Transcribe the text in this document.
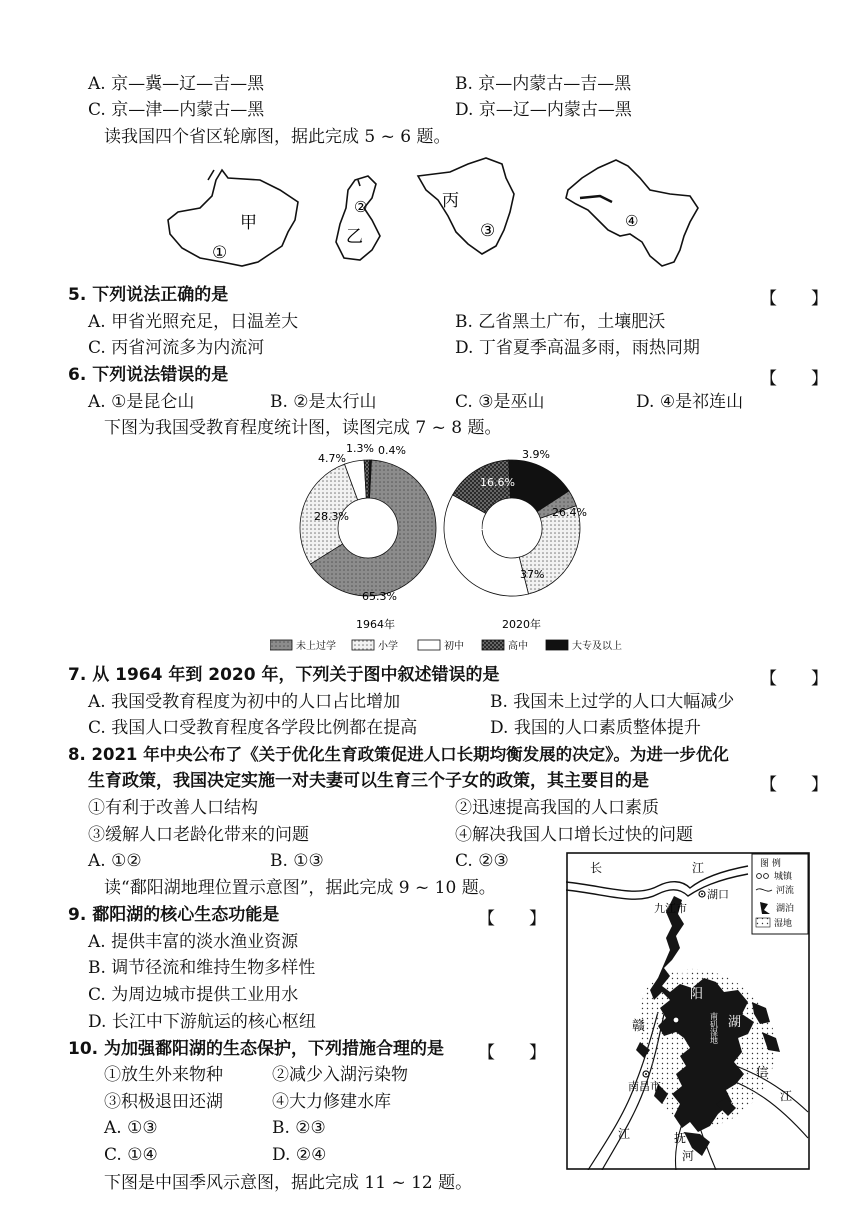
A. 京—冀—辽—吉—黑	B. 京—内蒙古—吉—黑
C. 京—津—内蒙古—黑	D. 京—辽—内蒙古—黑
读我国四个省区轮廓图，据此完成 5 ~ 6 题。
甲
①
②
乙
丙
③	④
5. 下列说法正确的是	【　　】
A. 甲省光照充足，日温差大	B. 乙省黑土广布，土壤肥沃
C. 丙省河流多为内流河	D. 丁省夏季高温多雨，雨热同期
6. 下列说法错误的是	【　　】
A. ①是昆仑山	B. ②是太行山	C. ③是巫山	D. ④是祁连山
下图为我国受教育程度统计图，读图完成 7 ~ 8 题。
65.3%
28.3%
4.7%
1.3% 0.4%
16.6%
3.9%
26.4%
37%
16.1%
1964年	2020年
未上过学	小学	初中	高中	大专及以上
7. 从 1964 年到 2020 年，下列关于图中叙述错误的是	【　　】
A. 我国受教育程度为初中的人口占比增加	B. 我国未上过学的人口大幅减少
C. 我国人口受教育程度各学段比例都在提高	D. 我国的人口素质整体提升
8. 2021 年中央公布了《关于优化生育政策促进人口长期均衡发展的决定》。为进一步优化
生育政策，我国决定实施一对夫妻可以生育三个子女的政策，其主要目的是	【　　】
①有利于改善人口结构	②迅速提高我国的人口素质
③缓解人口老龄化带来的问题	④解决我国人口增长过快的问题
A. ①②	B. ①③	C. ②③
读“鄱阳湖地理位置示意图”，据此完成 9 ~ 10 题。
9. 鄱阳湖的核心生态功能是	【　　】
A. 提供丰富的淡水渔业资源
B. 调节径流和维持生物多样性
C. 为周边城市提供工业用水
D. 长江中下游航运的核心枢纽
10. 为加强鄱阳湖的生态保护，下列措施合理的是 【　　】
①放生外来物种	②减少入湖污染物
③积极退田还湖	④大力修建水库
A. ①③	B. ②③
C. ①④	D. ②④
下图是中国季风示意图，据此完成 11 ~ 12 题。
图 例
城镇
河流
湖泊
湿地
长	江
湖口
九江市
鄱
阳
湖
南矶湿地
赣
信
江
南昌市
江	抚
河
